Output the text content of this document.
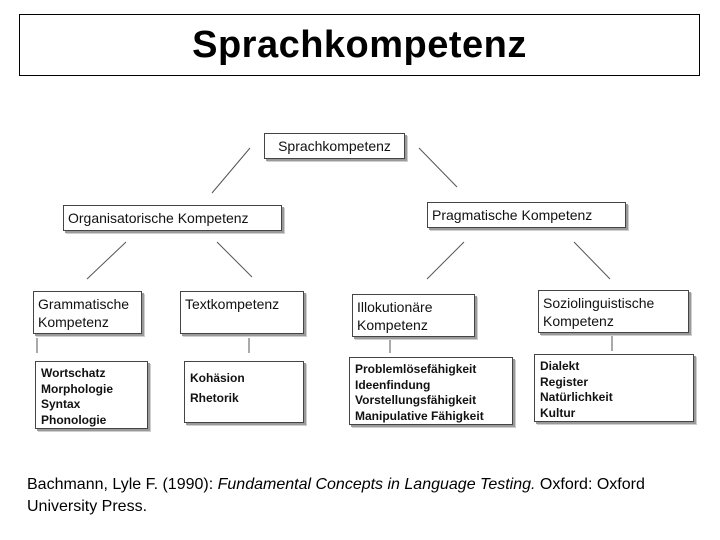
Sprachkompetenz
Sprachkompetenz
Organisatorische Kompetenz	Pragmatische Kompetenz
Grammatische Kompetenz
Textkompetenz	Illokutionäre Kompetenz
Soziolinguistische Kompetenz
Wortschatz
Morphologie
Syntax
Phonologie
Kohäsion
Rhetorik
Problemlösefähigkeit
Ideenfindung
Vorstellungsfähigkeit
Manipulative Fähigkeit
Dialekt
Register
Natürlichkeit
Kultur
Bachmann, Lyle F. (1990): Fundamental Concepts in Language Testing. Oxford: Oxford University Press.
